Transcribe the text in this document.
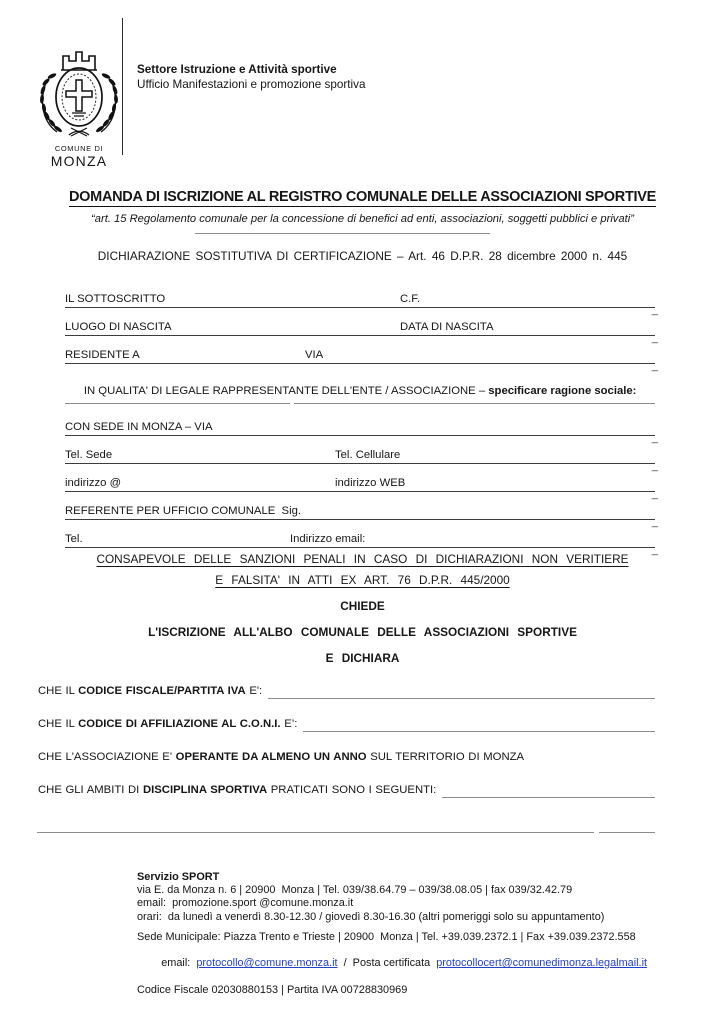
COMUNE DI
MONZA
Settore Istruzione e Attività sportive
Ufficio Manifestazioni e promozione sportiva
DOMANDA DI ISCRIZIONE AL REGISTRO COMUNALE DELLE ASSOCIAZIONI SPORTIVE
“art. 15 Regolamento comunale per la concessione di benefici ad enti, associazioni, soggetti pubblici e privati”
DICHIARAZIONE SOSTITUTIVA DI CERTIFICAZIONE – Art. 46 D.P.R. 28 dicembre 2000 n. 445

IL SOTTOSCRITTO

	C.F.

_

LUOGO DI NASCITA

	DATA DI NASCITA

_

RESIDENTE A

	VIA

_

IN QUALITA' DI LEGALE RAPPRESENTANTE DELL'ENTE / ASSOCIAZIONE – specificare ragione sociale:

CON SEDE IN MONZA – VIA

_

Tel. Sede

	Tel. Cellulare

_

indirizzo @

	indirizzo WEB

_

REFERENTE PER UFFICIO COMUNALE  Sig.

_

Tel.

	Indirizzo email:

_

CONSAPEVOLE DELLE SANZIONI PENALI IN CASO DI DICHIARAZIONI NON VERITIERE
E FALSITA' IN ATTI EX ART. 76 D.P.R. 445/2000
CHIEDE
L'ISCRIZIONE ALL'ALBO COMUNALE DELLE ASSOCIAZIONI SPORTIVE
E DICHIARA
CHE IL CODICE FISCALE/PARTITA IVA E':
CHE IL CODICE DI AFFILIAZIONE AL C.O.N.I. E’:
CHE L'ASSOCIAZIONE E' OPERANTE DA ALMENO UN ANNO SUL TERRITORIO DI MONZA
CHE GLI AMBITI DI DISCIPLINA SPORTIVA PRATICATI SONO I SEGUENTI:
Servizio SPORT
via E. da Monza n. 6 | 20900  Monza | Tel. 039/38.64.79 – 039/38.08.05 | fax 039/32.42.79
email:  promozione.sport @comune.monza.it
orari:  da lunedì a venerdì 8.30-12.30 / giovedì 8.30-16.30 (altri pomeriggi solo su appuntamento)
Sede Municipale: Piazza Trento e Trieste | 20900  Monza | Tel. +39.039.2372.1 | Fax +39.039.2372.558

email:  protocollo@comune.monza.it  /  Posta certificata  protocollocert@comunedimonza.legalmail.it

Codice Fiscale 02030880153 | Partita IVA 00728830969
